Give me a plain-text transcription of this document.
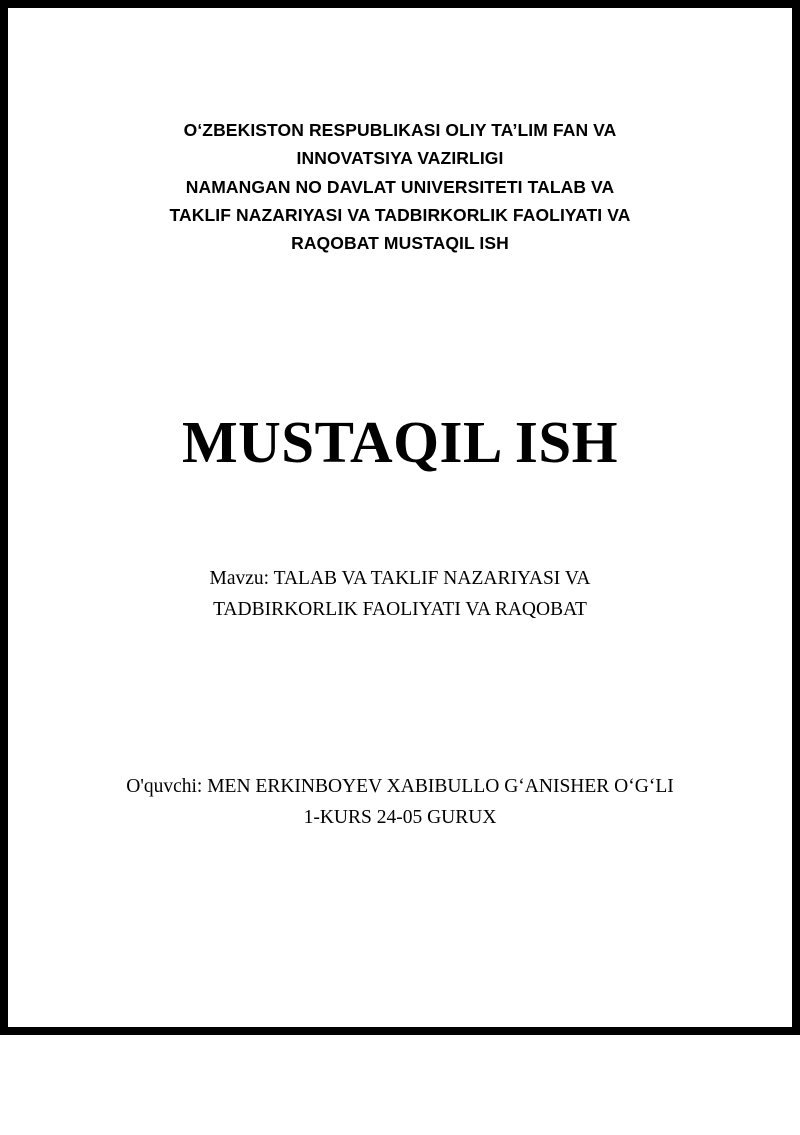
O‘ZBEKISTON RESPUBLIKASI OLIY TA’LIM FAN VA
INNOVATSIYA VAZIRLIGI
NAMANGAN NO DAVLAT UNIVERSITETI TALAB VA
TAKLIF NAZARIYASI VA TADBIRKORLIK FAOLIYATI VA
RAQOBAT MUSTAQIL ISH
MUSTAQIL ISH
Mavzu: TALAB VA TAKLIF NAZARIYASI VA TADBIRKORLIK FAOLIYATI VA RAQOBAT
O'quvchi: MEN ERKINBOYEV XABIBULLO G‘ANISHER O‘G‘LI 1-KURS 24-05 GURUX
